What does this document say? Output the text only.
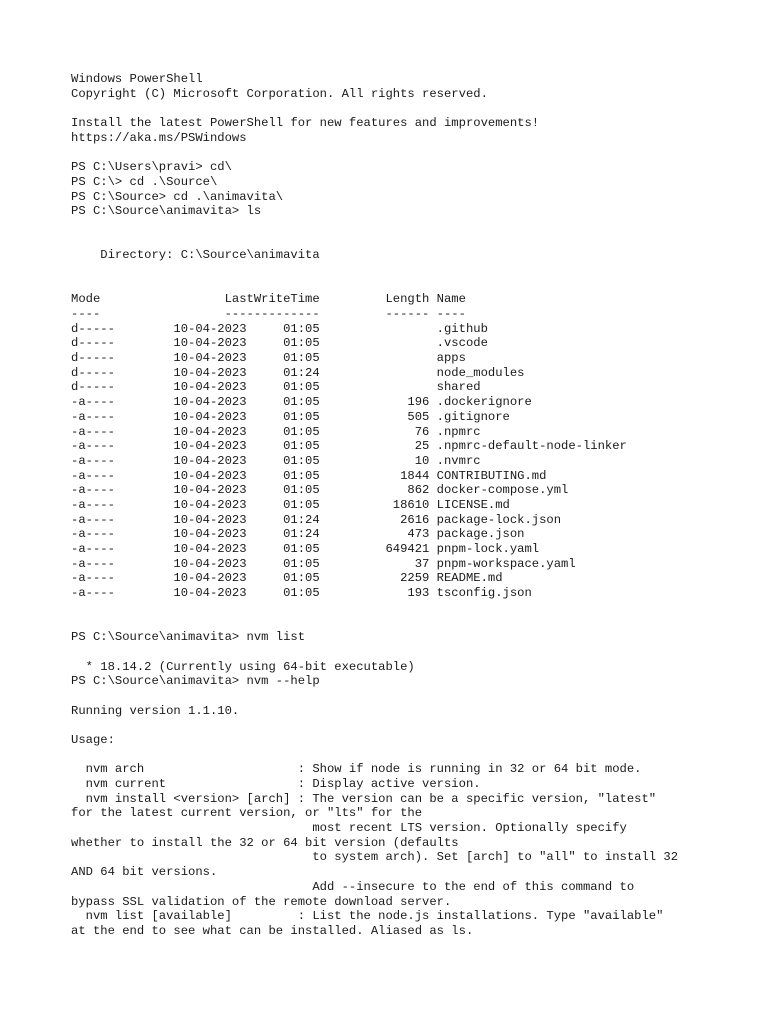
Windows PowerShell
Copyright (C) Microsoft Corporation. All rights reserved.
Install the latest PowerShell for new features and improvements!
https://aka.ms/PSWindows
PS C:\Users\pravi> cd\
PS C:\> cd .\Source\
PS C:\Source> cd .\animavita\
PS C:\Source\animavita> ls
Directory: C:\Source\animavita
Mode                 LastWriteTime         Length Name
----                 -------------         ------ ----
d-----        10-04-2023     01:05                .github
d-----        10-04-2023     01:05                .vscode
d-----        10-04-2023     01:05                apps
d-----        10-04-2023     01:24                node_modules
d-----        10-04-2023     01:05                shared
-a----        10-04-2023     01:05            196 .dockerignore
-a----        10-04-2023     01:05            505 .gitignore
-a----        10-04-2023     01:05             76 .npmrc
-a----        10-04-2023     01:05             25 .npmrc-default-node-linker
-a----        10-04-2023     01:05             10 .nvmrc
-a----        10-04-2023     01:05           1844 CONTRIBUTING.md
-a----        10-04-2023     01:05            862 docker-compose.yml
-a----        10-04-2023     01:05          18610 LICENSE.md
-a----        10-04-2023     01:24           2616 package-lock.json
-a----        10-04-2023     01:24            473 package.json
-a----        10-04-2023     01:05         649421 pnpm-lock.yaml
-a----        10-04-2023     01:05             37 pnpm-workspace.yaml
-a----        10-04-2023     01:05           2259 README.md
-a----        10-04-2023     01:05            193 tsconfig.json
PS C:\Source\animavita> nvm list
* 18.14.2 (Currently using 64-bit executable)
PS C:\Source\animavita> nvm --help
Running version 1.1.10.
Usage:
nvm arch                     : Show if node is running in 32 or 64 bit mode.
nvm current                  : Display active version.
nvm install <version> [arch] : The version can be a specific version, "latest"
for the latest current version, or "lts" for the
most recent LTS version. Optionally specify
whether to install the 32 or 64 bit version (defaults
to system arch). Set [arch] to "all" to install 32
AND 64 bit versions.
Add --insecure to the end of this command to
bypass SSL validation of the remote download server.
nvm list [available]         : List the node.js installations. Type "available"
at the end to see what can be installed. Aliased as ls.
